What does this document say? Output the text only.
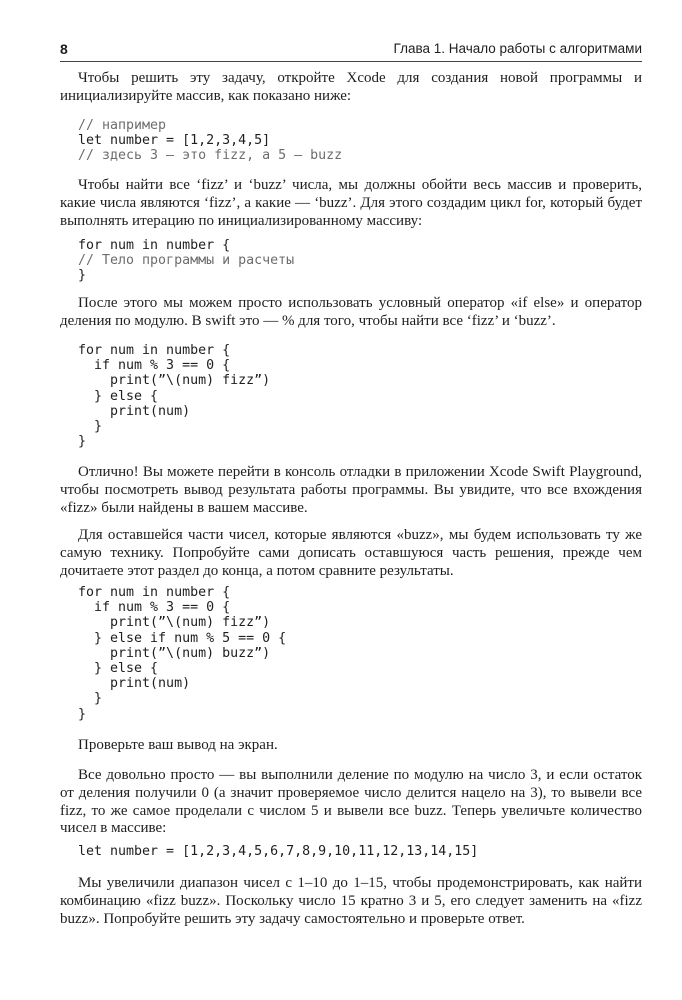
8	Глава 1. Начало работы с алгоритмами

Чтобы решить эту задачу, откройте Xcode для создания новой программы и инициализируйте массив, как показано ниже:

// например
let number = [1,2,3,4,5]
// здесь 3 — это fizz, а 5 — buzz

Чтобы найти все ‘fizz’ и ‘buzz’ числа, мы должны обойти весь массив и проверить, какие числа являются ‘fizz’, а какие — ‘buzz’. Для этого создадим цикл for, который будет выполнять итерацию по инициализированному массиву:

for num in number {
// Тело программы и расчеты
}

После этого мы можем просто использовать условный оператор «if else» и оператор деления по модулю. В swift это — % для того, чтобы найти все ‘fizz’ и ‘buzz’.

for num in number {
if num % 3 == 0 {
print(”\(num) fizz”)
} else {
print(num)
}
}

Отлично! Вы можете перейти в консоль отладки в приложении Xcode Swift Playground, чтобы посмотреть вывод результата работы программы. Вы увидите, что все вхождения «fizz» были найдены в вашем массиве.

Для оставшейся части чисел, которые являются «buzz», мы будем использовать ту же самую технику. Попробуйте сами дописать оставшуюся часть решения, прежде чем дочитаете этот раздел до конца, а потом сравните результаты.

for num in number {
if num % 3 == 0 {
print(”\(num) fizz”)
} else if num % 5 == 0 {
print(”\(num) buzz”)
} else {
print(num)
}
}

Проверьте ваш вывод на экран.

Все довольно просто — вы выполнили деление по модулю на число 3, и если остаток от деления получили 0 (а значит проверяемое число делится нацело на 3), то вывели все fizz, то же самое проделали с числом 5 и вывели все buzz. Теперь увеличьте количество чисел в массиве:

let number = [1,2,3,4,5,6,7,8,9,10,11,12,13,14,15]

Мы увеличили диапазон чисел с 1–10 до 1–15, чтобы продемонстрировать, как найти комбинацию «fizz buzz». Поскольку число 15 кратно 3 и 5, его следует заменить на «fizz buzz». Попробуйте решить эту задачу самостоятельно и проверьте ответ.
